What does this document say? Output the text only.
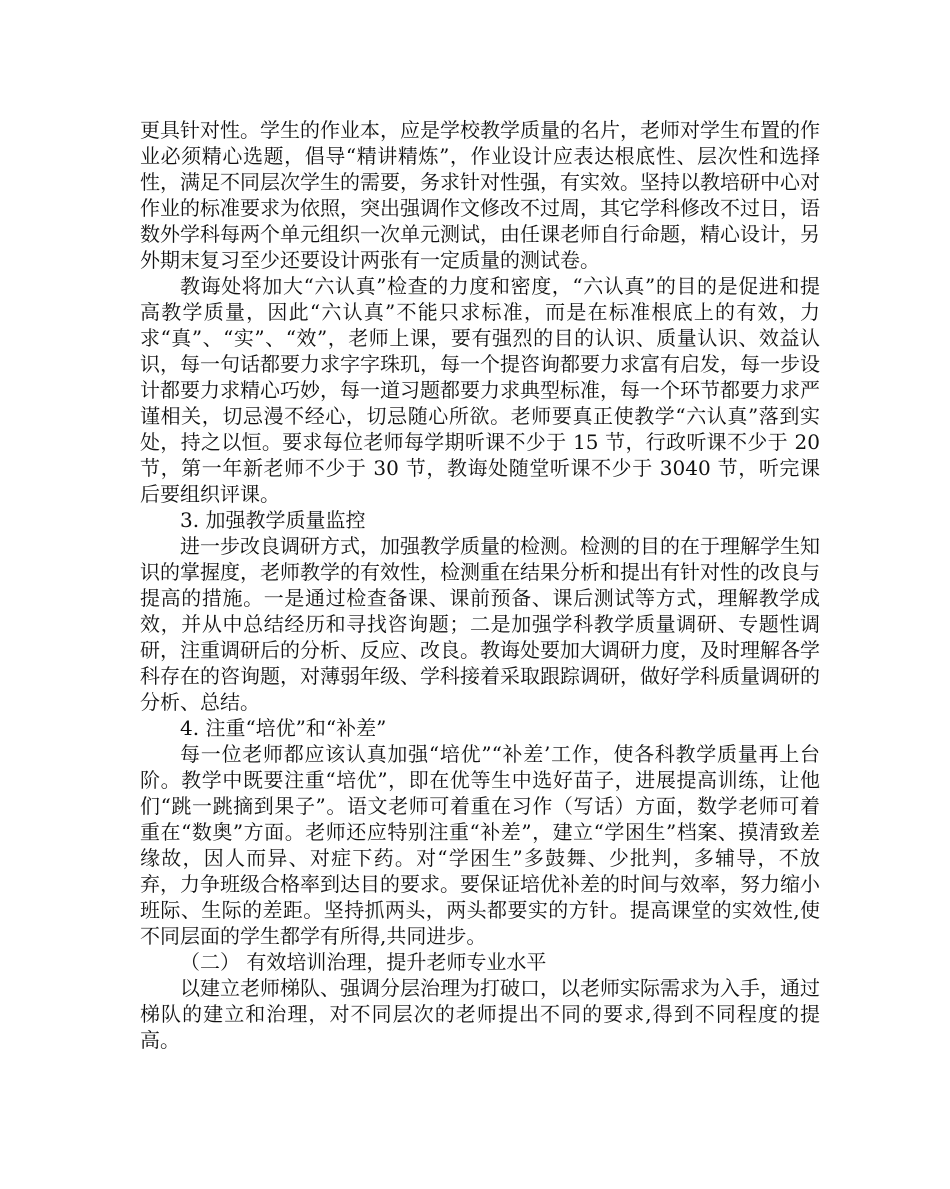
更具针对性。学生的作业本，应是学校教学质量的名片，老师对学生布置的作业必须精心选题，倡导“精讲精炼”，作业设计应表达根底性、层次性和选择性，满足不同层次学生的需要，务求针对性强，有实效。坚持以教培研中心对作业的标准要求为依照，突出强调作文修改不过周，其它学科修改不过日，语数外学科每两个单元组织一次单元测试，由任课老师自行命题，精心设计，另外期末复习至少还要设计两张有一定质量的测试卷。

教诲处将加大“六认真”检查的力度和密度，“六认真”的目的是促进和提高教学质量，因此“六认真”不能只求标准，而是在标准根底上的有效，力求“真”、“实”、“效”，老师上课，要有强烈的目的认识、质量认识、效益认识，每一句话都要力求字字珠玑，每一个提咨询都要力求富有启发，每一步设计都要力求精心巧妙，每一道习题都要力求典型标准，每一个环节都要力求严谨相关，切忌漫不经心，切忌随心所欲。老师要真正使教学“六认真”落到实处，持之以恒。要求每位老师每学期听课不少于 15 节，行政听课不少于 20 节，第一年新老师不少于 30 节，教诲处随堂听课不少于 3040 节，听完课后要组织评课。

3. 加强教学质量监控

进一步改良调研方式，加强教学质量的检测。检测的目的在于理解学生知识的掌握度，老师教学的有效性，检测重在结果分析和提出有针对性的改良与提高的措施。一是通过检查备课、课前预备、课后测试等方式，理解教学成效，并从中总结经历和寻找咨询题；二是加强学科教学质量调研、专题性调研，注重调研后的分析、反应、改良。教诲处要加大调研力度，及时理解各学科存在的咨询题，对薄弱年级、学科接着采取跟踪调研，做好学科质量调研的分析、总结。

4. 注重“培优”和“补差”

每一位老师都应该认真加强“培优”“补差’工作，使各科教学质量再上台阶。教学中既要注重“培优”，即在优等生中选好苗子，进展提高训练，让他们“跳一跳摘到果子”。语文老师可着重在习作（写话）方面，数学老师可着重在“数奥”方面。老师还应特别注重“补差”，建立“学困生”档案、摸清致差缘故，因人而异、对症下药。对“学困生”多鼓舞、少批判，多辅导，不放弃，力争班级合格率到达目的要求。要保证培优补差的时间与效率，努力缩小班际、生际的差距。坚持抓两头，两头都要实的方针。提高课堂的实效性,使不同层面的学生都学有所得,共同进步。

（二） 有效培训治理，提升老师专业水平

以建立老师梯队、强调分层治理为打破口，以老师实际需求为入手，通过梯队的建立和治理，对不同层次的老师提出不同的要求,得到不同程度的提高。
